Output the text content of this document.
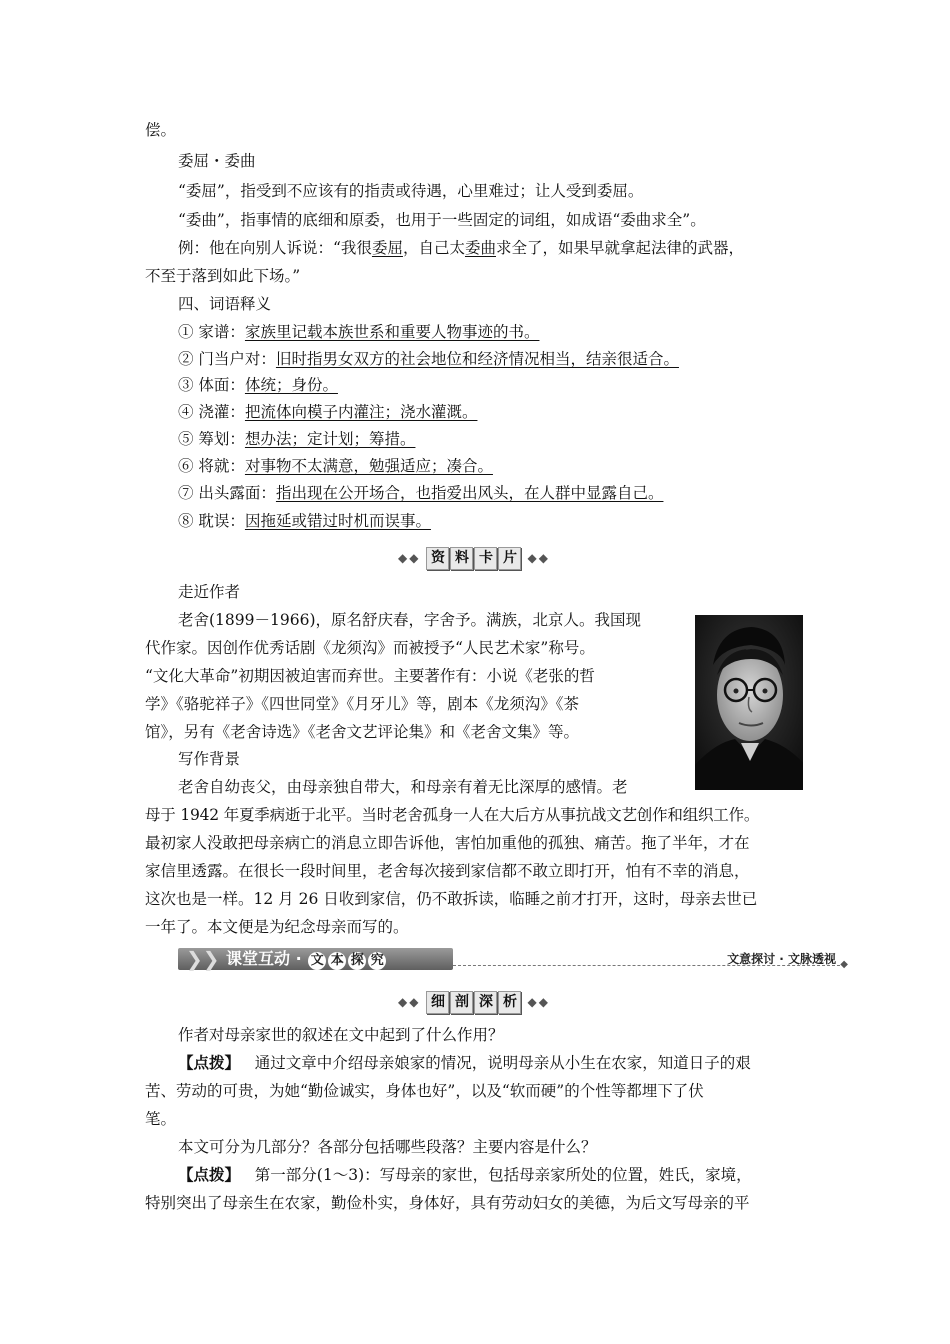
偿。

委屈・委曲

“委屈”，指受到不应该有的指责或待遇，心里难过；让人受到委屈。

“委曲”，指事情的底细和原委，也用于一些固定的词组，如成语“委曲求全”。

例：他在向别人诉说：“我很委屈，自己太委曲求全了，如果早就拿起法律的武器，

不至于落到如此下场。”

四、词语释义

① 家谱：家族里记载本族世系和重要人物事迹的书。

② 门当户对：旧时指男女双方的社会地位和经济情况相当，结亲很适合。

③ 体面：体统；身份。

④ 浇灌：把流体向模子内灌注；浇水灌溉。

⑤ 筹划：想办法；定计划；筹措。

⑥ 将就：对事物不太满意，勉强适应；凑合。

⑦ 出头露面：指出现在公开场合，也指爱出风头，在人群中显露自己。

⑧ 耽误：因拖延或错过时机而误事。

◆◆ 资 料 卡 片 ◆◆

走近作者

老舍(1899－1966)，原名舒庆春，字舍予。满族，北京人。我国现

代作家。因创作优秀话剧《龙须沟》而被授予“人民艺术家”称号。

“文化大革命”初期因被迫害而弃世。主要著作有：小说《老张的哲

学》《骆驼祥子》《四世同堂》《月牙儿》等，剧本《龙须沟》《茶

馆》，另有《老舍诗选》《老舍文艺评论集》和《老舍文集》等。

写作背景

老舍自幼丧父，由母亲独自带大，和母亲有着无比深厚的感情。老

母于 1942 年夏季病逝于北平。当时老舍孤身一人在大后方从事抗战文艺创作和组织工作。

最初家人没敢把母亲病亡的消息立即告诉他，害怕加重他的孤独、痛苦。拖了半年，才在

家信里透露。在很长一段时间里，老舍每次接到家信都不敢立即打开，怕有不幸的消息，

这次也是一样。12 月 26 日收到家信，仍不敢拆读，临睡之前才打开，这时，母亲去世已

一年了。本文便是为纪念母亲而写的。

❯❯ 课堂互动 · 文 本 探 究	文意探讨 · 文脉透视 ◆
◆◆ 细 剖 深 析 ◆◆

作者对母亲家世的叙述在文中起到了什么作用？

【点拨】 通过文章中介绍母亲娘家的情况，说明母亲从小生在农家，知道日子的艰

苦、劳动的可贵，为她“勤俭诚实，身体也好”，以及“软而硬”的个性等都埋下了伏

笔。

本文可分为几部分？各部分包括哪些段落？主要内容是什么？

【点拨】 第一部分(1～3)：写母亲的家世，包括母亲家所处的位置，姓氏，家境，

特别突出了母亲生在农家，勤俭朴实，身体好，具有劳动妇女的美德，为后文写母亲的平
